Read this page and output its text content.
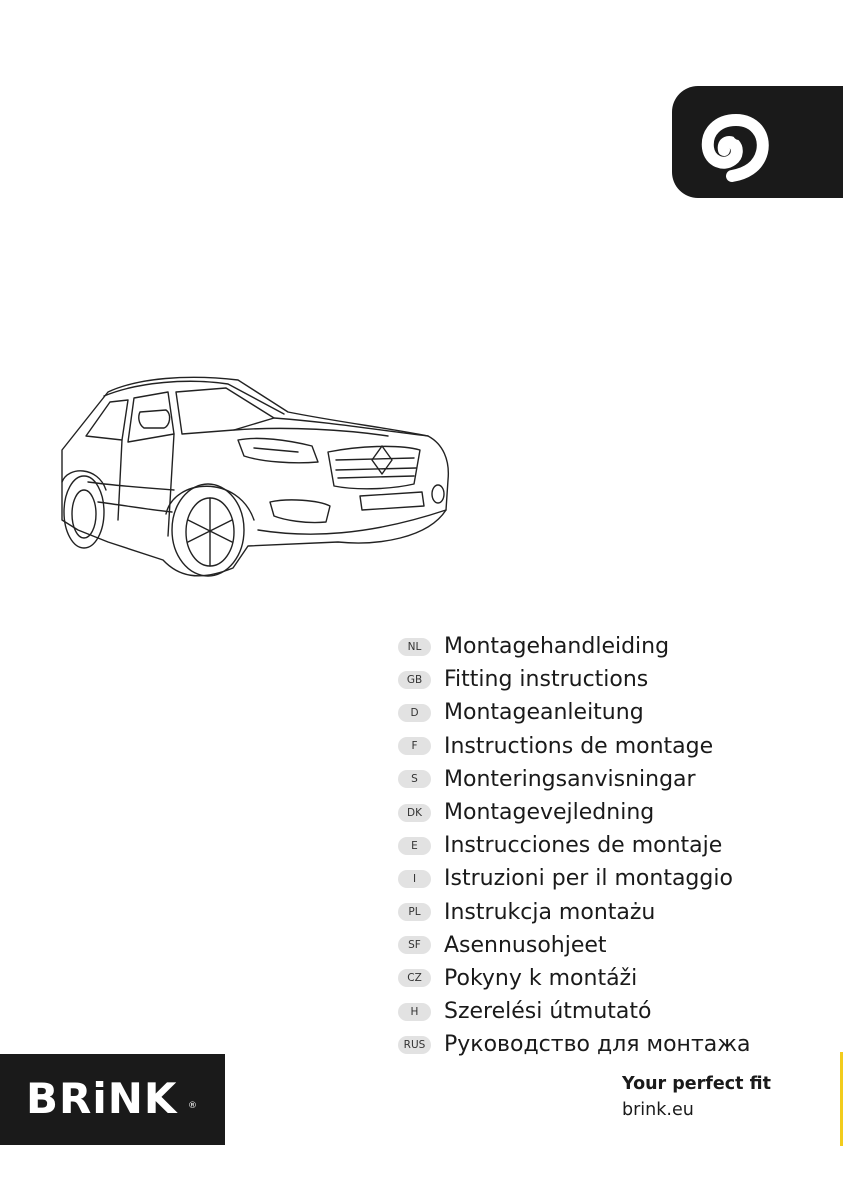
NL	Montagehandleiding
GB Fitting instructions
D	Montageanleitung
F	Instructions de montage
S	Monteringsanvisningar
DK	Montagevejledning
E	Instrucciones de montaje
I	Istruzioni per il montaggio
PL	Instrukcja montażu
SF	Asennusohjeet
CZ	Pokyny k montáži
H	Szerelési útmutató
RUS Руководство для монтажа
BRiNK ®
Your perfect fit
brink.eu
